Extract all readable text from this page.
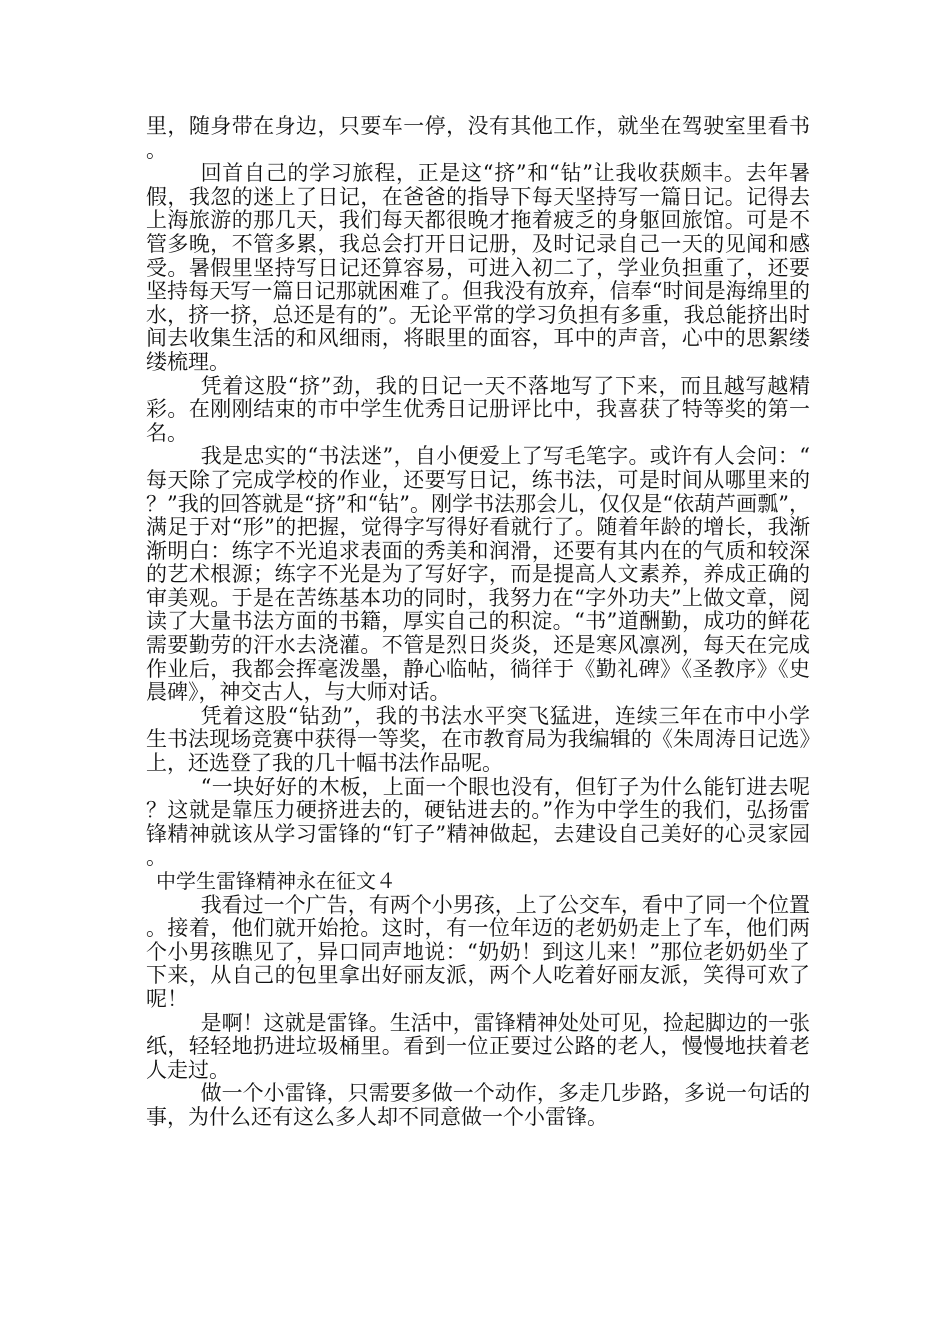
里，随身带在身边，只要车一停，没有其他工作，就坐在驾驶室里看书。

回首自己的学习旅程，正是这“挤”和“钻”让我收获颇丰。去年暑假，我忽的迷上了日记，在爸爸的指导下每天坚持写一篇日记。记得去上海旅游的那几天，我们每天都很晚才拖着疲乏的身躯回旅馆。可是不管多晚，不管多累，我总会打开日记册，及时记录自己一天的见闻和感受。暑假里坚持写日记还算容易，可进入初二了，学业负担重了，还要坚持每天写一篇日记那就困难了。但我没有放弃，信奉“时间是海绵里的水，挤一挤，总还是有的”。无论平常的学习负担有多重，我总能挤出时间去收集生活的和风细雨，将眼里的面容，耳中的声音，心中的思絮缕缕梳理。

凭着这股“挤”劲，我的日记一天不落地写了下来，而且越写越精彩。在刚刚结束的市中学生优秀日记册评比中，我喜获了特等奖的第一名。

我是忠实的“书法迷”，自小便爱上了写毛笔字。或许有人会问：“每天除了完成学校的作业，还要写日记，练书法，可是时间从哪里来的？”我的回答就是“挤”和“钻”。刚学书法那会儿，仅仅是“依葫芦画瓢”，满足于对“形”的把握，觉得字写得好看就行了。随着年龄的增长，我渐渐明白：练字不光追求表面的秀美和润滑，还要有其内在的气质和较深的艺术根源；练字不光是为了写好字，而是提高人文素养，养成正确的审美观。于是在苦练基本功的同时，我努力在“字外功夫”上做文章，阅读了大量书法方面的书籍，厚实自己的积淀。“书”道酬勤，成功的鲜花需要勤劳的汗水去浇灌。不管是烈日炎炎，还是寒风凛冽，每天在完成作业后，我都会挥毫泼墨，静心临帖，徜徉于《勤礼碑》《圣教序》《史晨碑》，神交古人，与大师对话。

凭着这股“钻劲”，我的书法水平突飞猛进，连续三年在市中小学生书法现场竞赛中获得一等奖，在市教育局为我编辑的《朱周涛日记选》上，还选登了我的几十幅书法作品呢。

“一块好好的木板，上面一个眼也没有，但钉子为什么能钉进去呢？这就是靠压力硬挤进去的，硬钻进去的。”作为中学生的我们，弘扬雷锋精神就该从学习雷锋的“钉子”精神做起，去建设自己美好的心灵家园。

中学生雷锋精神永在征文４

我看过一个广告，有两个小男孩，上了公交车，看中了同一个位置。接着，他们就开始抢。这时，有一位年迈的老奶奶走上了车，他们两个小男孩瞧见了，异口同声地说：“奶奶！到这儿来！”那位老奶奶坐了下来，从自己的包里拿出好丽友派，两个人吃着好丽友派，笑得可欢了呢！

是啊！这就是雷锋。生活中，雷锋精神处处可见，捡起脚边的一张纸，轻轻地扔进垃圾桶里。看到一位正要过公路的老人，慢慢地扶着老人走过。

做一个小雷锋，只需要多做一个动作，多走几步路，多说一句话的事，为什么还有这么多人却不同意做一个小雷锋。
